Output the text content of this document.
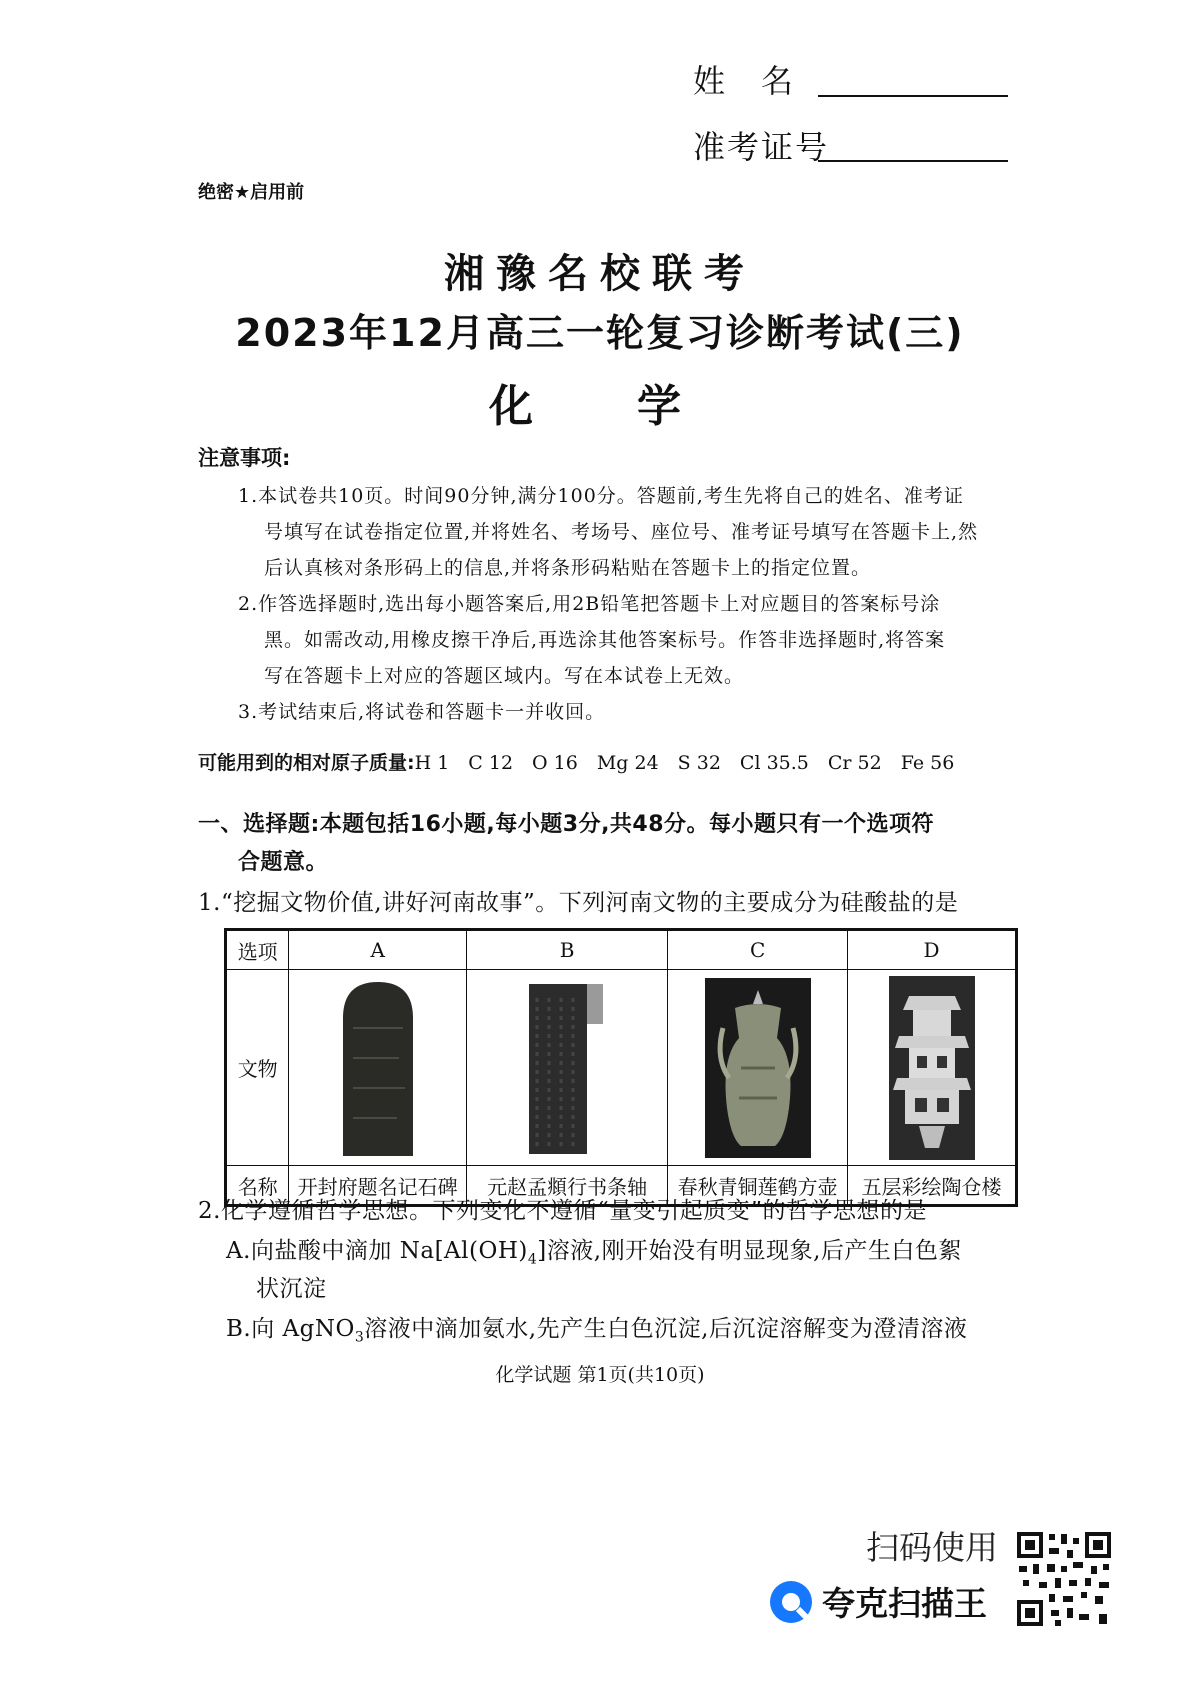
姓　名
准考证号
绝密★启用前
湘豫名校联考
2023年12月高三一轮复习诊断考试(三)
化　学
注意事项:
1.本试卷共10页。时间90分钟,满分100分。答题前,考生先将自己的姓名、准考证
号填写在试卷指定位置,并将姓名、考场号、座位号、准考证号填写在答题卡上,然
后认真核对条形码上的信息,并将条形码粘贴在答题卡上的指定位置。
2.作答选择题时,选出每小题答案后,用2B铅笔把答题卡上对应题目的答案标号涂
黑。如需改动,用橡皮擦干净后,再选涂其他答案标号。作答非选择题时,将答案
写在答题卡上对应的答题区域内。写在本试卷上无效。
3.考试结束后,将试卷和答题卡一并收回。
可能用到的相对原子质量:H 1　C 12　O 16　Mg 24　S 32　Cl 35.5　Cr 52　Fe 56
一、选择题:本题包括16小题,每小题3分,共48分。每小题只有一个选项符
合题意。
1.“挖掘文物价值,讲好河南故事”。下列河南文物的主要成分为硅酸盐的是
选项	A	B	C	D
文物				
名称	开封府题名记石碑	元赵孟頫行书条轴	春秋青铜莲鹤方壶	五层彩绘陶仓楼
2.化学遵循哲学思想。下列变化不遵循“量变引起质变”的哲学思想的是
A.向盐酸中滴加 $Na[Al(OH)_4]$溶液,刚开始没有明显现象,后产生白色絮
状沉淀
B.向 AgNO$_3$溶液中滴加氨水,先产生白色沉淀,后沉淀溶解变为澄清溶液
化学试题 第1页(共10页)
扫码使用
夸克扫描王
